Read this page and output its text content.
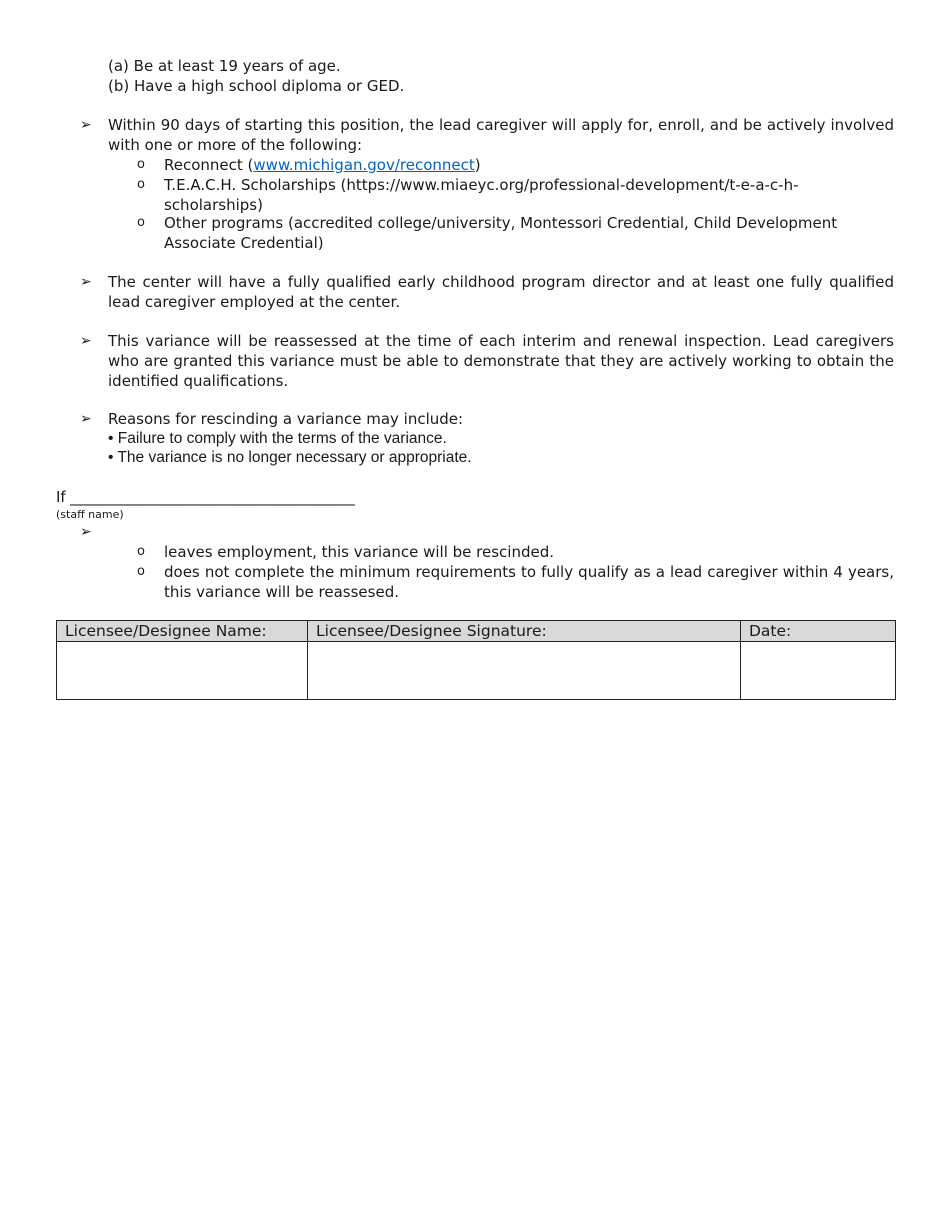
(a) Be at least 19 years of age.
(b) Have a high school diploma or GED.
➢ Within 90 days of starting this position, the lead caregiver will apply for, enroll, and be actively involved with one or more of the following:
o Reconnect (www.michigan.gov/reconnect)
o T.E.A.C.H. Scholarships (https://www.miaeyc.org/professional-development/t-e-a-c-h-scholarships)
o Other programs (accredited college/university, Montessori Credential, Child Development Associate Credential)
➢ The center will have a fully qualified early childhood program director and at least one fully qualified lead caregiver employed at the center.
➢ This variance will be reassessed at the time of each interim and renewal inspection. Lead caregivers who are granted this variance must be able to demonstrate that they are actively working to obtain the identified qualifications.
➢ Reasons for rescinding a variance may include:
• Failure to comply with the terms of the variance.
• The variance is no longer necessary or appropriate.
If _____________________________________
(staff name)
➢
o leaves employment, this variance will be rescinded.
o does not complete the minimum requirements to fully qualify as a lead caregiver within 4 years, this variance will be reassesed.
Licensee/Designee Name:	Licensee/Designee Signature:	Date:
